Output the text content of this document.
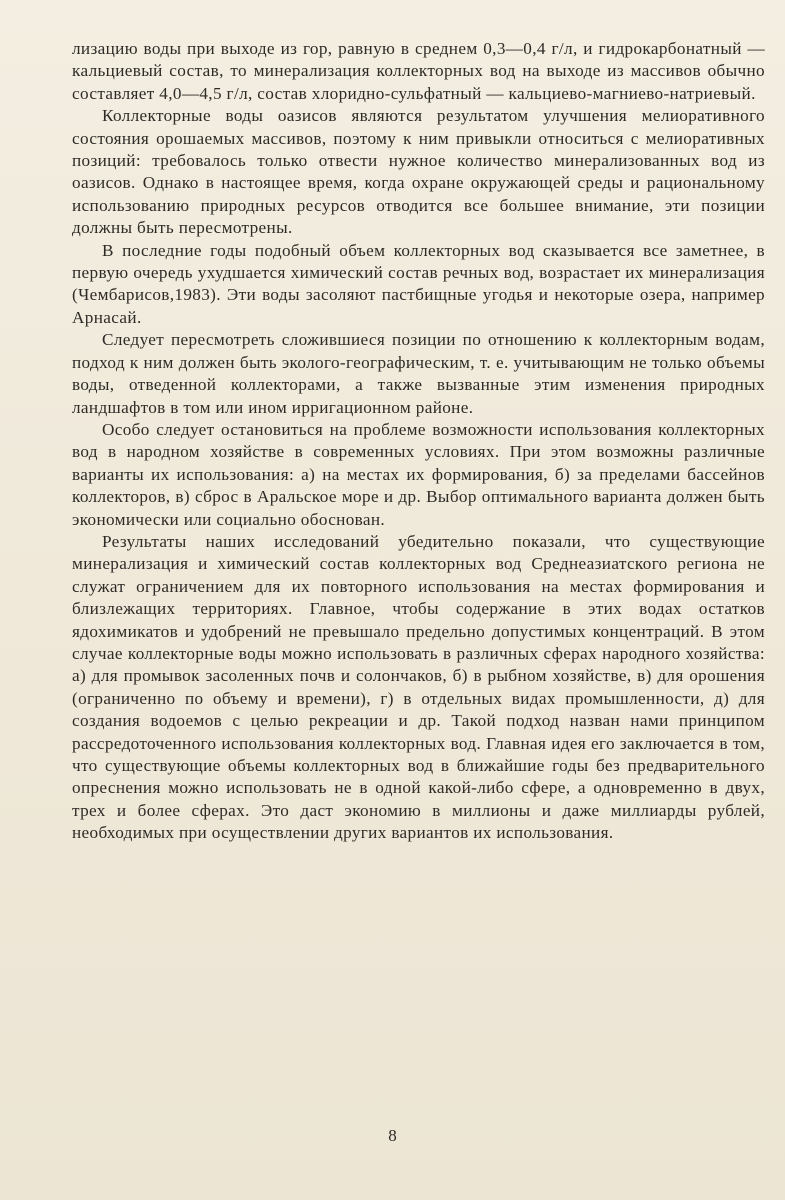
лизацию воды при выходе из гор, равную в среднем 0,3—0,4 г/л, и гидрокарбонатный — кальциевый состав, то минерализация коллекторных вод на выходе из массивов обычно составляет 4,0—4,5 г/л, состав хлоридно-сульфатный — кальциево-магниево-натриевый.

Коллекторные воды оазисов являются результатом улучшения мелиоративного состояния орошаемых массивов, поэтому к ним привыкли относиться с мелиоративных позиций: требовалось только отвести нужное количество минерализованных вод из оазисов. Однако в настоящее время, когда охране окружающей среды и рациональному использованию природных ресурсов отводится все большее внимание, эти позиции должны быть пересмотрены.

В последние годы подобный объем коллекторных вод сказывается все заметнее, в первую очередь ухудшается химический состав речных вод, возрастает их минерализация (Чембарисов,1983). Эти воды засоляют пастбищные угодья и некоторые озера, например Арнасай.

Следует пересмотреть сложившиеся позиции по отношению к коллекторным водам, подход к ним должен быть эколого-географическим, т. е. учитывающим не только объемы воды, отведенной коллекторами, а также вызванные этим изменения природных ландшафтов в том или ином ирригационном районе.

Особо следует остановиться на проблеме возможности использования коллекторных вод в народном хозяйстве в современных условиях. При этом возможны различные варианты их использования: а) на местах их формирования, б) за пределами бассейнов коллекторов, в) сброс в Аральское море и др. Выбор оптимального варианта должен быть экономически или социально обоснован.

Результаты наших исследований убедительно показали, что существующие минерализация и химический состав коллекторных вод Среднеазиатского региона не служат ограничением для их повторного использования на местах формирования и близлежащих территориях. Главное, чтобы содержание в этих водах остатков ядохимикатов и удобрений не превышало предельно допустимых концентраций. В этом случае коллекторные воды можно использовать в различных сферах народного хозяйства: а) для промывок засоленных почв и солончаков, б) в рыбном хозяйстве, в) для орошения (ограниченно по объему и времени), г) в отдельных видах промышленности, д) для создания водоемов с целью рекреации и др. Такой подход назван нами принципом рассредоточенного использования коллекторных вод. Главная идея его заключается в том, что существующие объемы коллекторных вод в ближайшие годы без предварительного опреснения можно использовать не в одной какой-либо сфере, а одновременно в двух, трех и более сферах. Это даст экономию в миллионы и даже миллиарды рублей, необходимых при осуществлении других вариантов их использования.

8
